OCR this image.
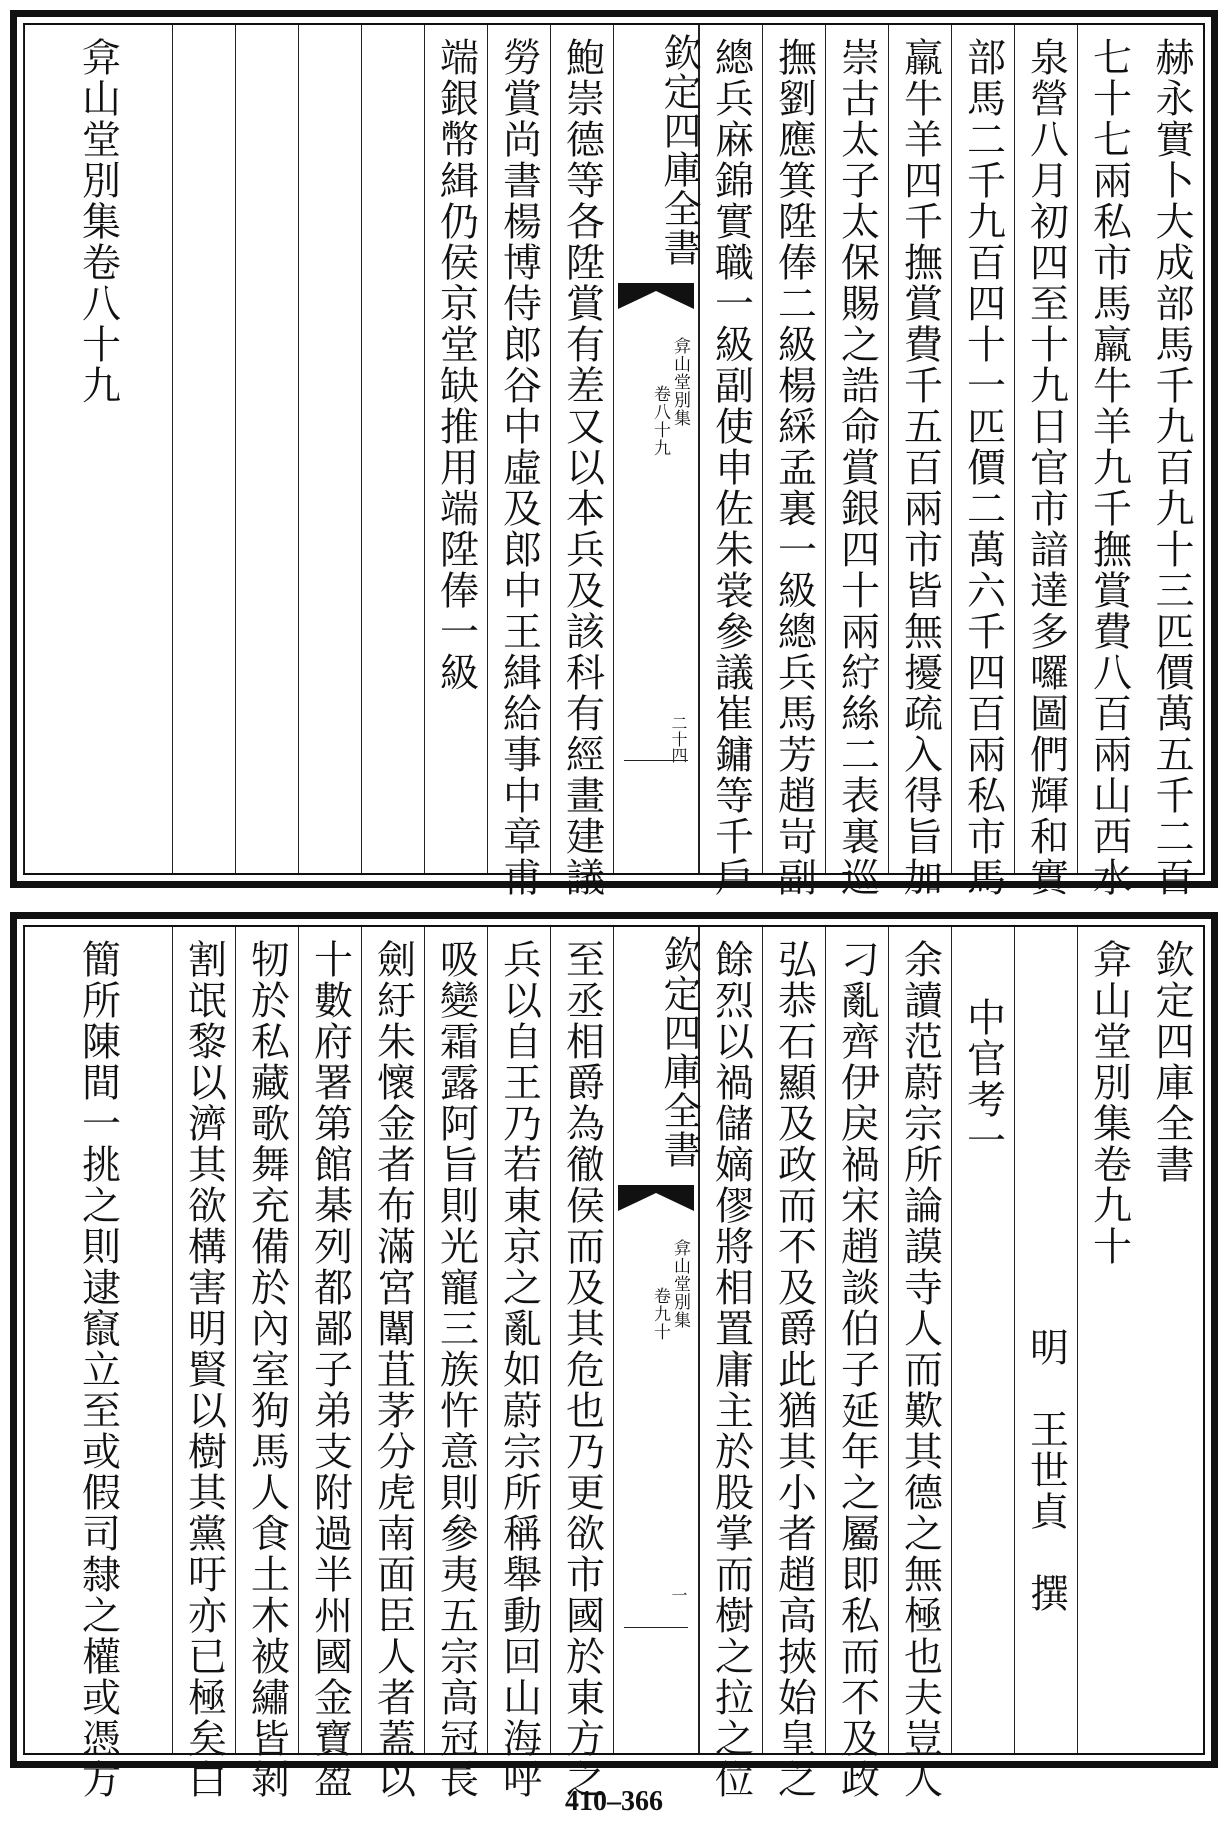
赫永實卜大成部馬千九百九十三匹價萬五千二百
七十七兩私市馬羸牛羊九千撫賞費八百兩山西水
泉營八月初四至十九日官市諳達多囉圖們輝和實
部馬二千九百四十一匹價二萬六千四百兩私市馬
羸牛羊四千撫賞費千五百兩市皆無擾疏入得旨加
崇古太子太保賜之誥命賞銀四十兩紵絲二表裏巡
撫劉應箕陞俸二級楊綵孟裏一級總兵馬芳趙岢副
總兵麻錦實職一級副使申佐朱裳參議崔鏞等千戶
欽定四庫全書
弇山堂別集
卷八十九
二十四
鮑崇德等各陞賞有差又以本兵及該科有經畫建議
勞賞尚書楊博侍郎谷中虛及郎中王緝給事中章甫
端銀幣緝仍侯京堂缺推用端陞俸一級
弇山堂別集卷八十九
欽定四庫全書
弇山堂別集卷九十
明　王世貞　撰
中官考一
余讀范蔚宗所論謨寺人而歎其德之無極也夫豈人
刁亂齊伊戾禍宋趙談伯子延年之屬即私而不及政
弘恭石顯及政而不及爵此猶其小者趙高挾始皇之
餘烈以禍儲嫡僇將相置庸主於股掌而樹之拉之位
欽定四庫全書
弇山堂別集
卷九十
一
至丞相爵為徹侯而及其危也乃更欲市國於東方之
兵以自王乃若東京之亂如蔚宗所稱舉動回山海呼
吸變霜露阿旨則光寵三族忤意則參夷五宗高冠長
劍紆朱懷金者布滿宮闈苴茅分虎南面臣人者蓋以
十數府署第館棊列都鄙子弟支附過半州國金寶盈
牣於私藏歌舞充備於內室狗馬人食土木被繡皆剝
割氓黎以濟其欲構害明賢以樹其黨吁亦已極矣白
簡所陳間一挑之則逮竄立至或假司隸之權或憑方
410–366
